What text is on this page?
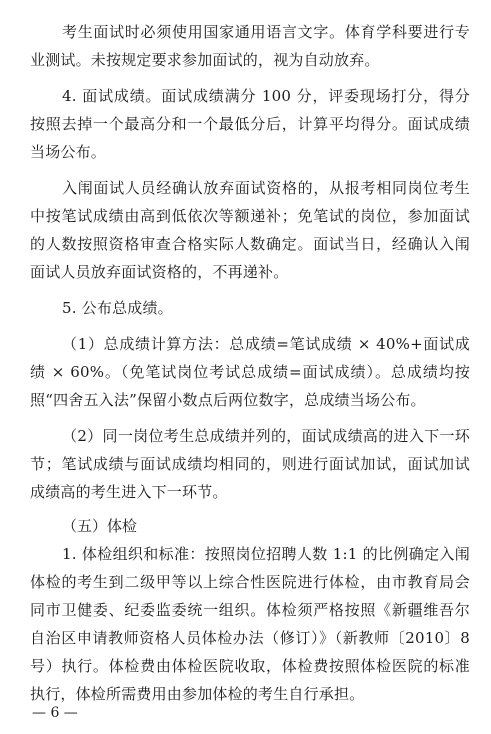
考生面试时必须使用国家通用语言文字。体育学科要进行专业测试。未按规定要求参加面试的，视为自动放弃。

4. 面试成绩。面试成绩满分 100 分，评委现场打分，得分按照去掉一个最高分和一个最低分后，计算平均得分。面试成绩当场公布。

入闱面试人员经确认放弃面试资格的，从报考相同岗位考生中按笔试成绩由高到低依次等额递补；免笔试的岗位，参加面试的人数按照资格审查合格实际人数确定。面试当日，经确认入闱面试人员放弃面试资格的，不再递补。

5. 公布总成绩。

（1）总成绩计算方法：总成绩=笔试成绩 × 40%+面试成绩 × 60%。（免笔试岗位考试总成绩=面试成绩）。总成绩均按照“四舍五入法”保留小数点后两位数字，总成绩当场公布。

（2）同一岗位考生总成绩并列的，面试成绩高的进入下一环节；笔试成绩与面试成绩均相同的，则进行面试加试，面试加试成绩高的考生进入下一环节。

（五）体检

1. 体检组织和标准：按照岗位招聘人数 1:1 的比例确定入闱体检的考生到二级甲等以上综合性医院进行体检，由市教育局会同市卫健委、纪委监委统一组织。体检须严格按照《新疆维吾尔自治区申请教师资格人员体检办法（修订）》（新教师〔2010〕8 号）执行。体检费由体检医院收取，体检费按照体检医院的标准执行，体检所需费用由参加体检的考生自行承担。

— 6 —
